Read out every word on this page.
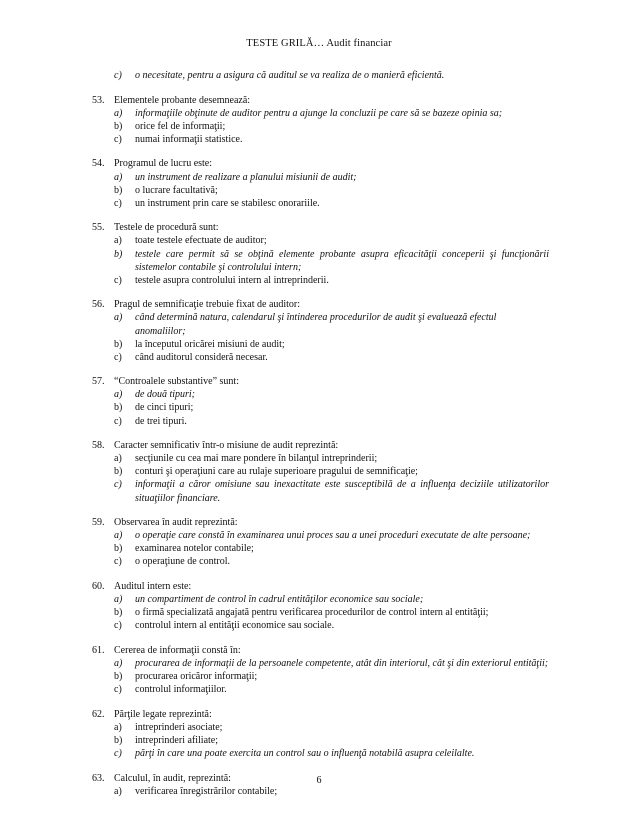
TESTE GRILĂ… Audit financiar
c) o necesitate, pentru a asigura că auditul se va realiza de o manieră eficientă.
53. Elementele probante desemnează:
a) informaţiile obţinute de auditor pentru a ajunge la concluzii pe care să se bazeze opinia sa;
b) orice fel de informaţii;
c) numai informaţii statistice.
54. Programul de lucru este:
a) un instrument de realizare a planului misiunii de audit;
b) o lucrare facultativă;
c) un instrument prin care se stabilesc onorariile.
55. Testele de procedură sunt:
a) toate testele efectuate de auditor;
b) testele care permit să se obţină elemente probante asupra eficacităţii conceperii şi funcţionării sistemelor contabile şi controlului intern;
c) testele asupra controlului intern al intreprinderii.
56. Pragul de semnificaţie trebuie fixat de auditor:
a) când determină natura, calendarul şi întinderea procedurilor de audit şi evaluează efectul anomaliilor;
b) la începutul oricărei misiuni de audit;
c) când auditorul consideră necesar.
57. “Controalele substantive” sunt:
a) de două tipuri;
b) de cinci tipuri;
c) de trei tipuri.
58. Caracter semnificativ într-o misiune de audit reprezintă:
a) secţiunile cu cea mai mare pondere în bilanţul intreprinderii;
b) conturi şi operaţiuni care au rulaje superioare pragului de semnificaţie;
c) informaţii a căror omisiune sau inexactitate este susceptibilă de a influenţa deciziile utilizatorilor situaţiilor financiare.
59. Observarea în audit reprezintă:
a) o operaţie care constă în examinarea unui proces sau a unei proceduri executate de alte persoane;
b) examinarea notelor contabile;
c) o operaţiune de control.
60. Auditul intern este:
a) un compartiment de control în cadrul entităţilor economice sau sociale;
b) o firmă specializată angajată pentru verificarea procedurilor de control intern al entităţii;
c) controlul intern al entităţii economice sau sociale.
61. Cererea de informaţii constă în:
a) procurarea de informaţii de la persoanele competente, atât din interiorul, cât şi din exteriorul entităţii;
b) procurarea oricăror informaţii;
c) controlul informaţiilor.
62. Părţile legate reprezintă:
a) intreprinderi asociate;
b) intreprinderi afiliate;
c) părţi în care una poate exercita un control sau o influenţă notabilă asupra celeilalte.
63. Calculul, în audit, reprezintă:
a) verificarea înregistrărilor contabile;
6
